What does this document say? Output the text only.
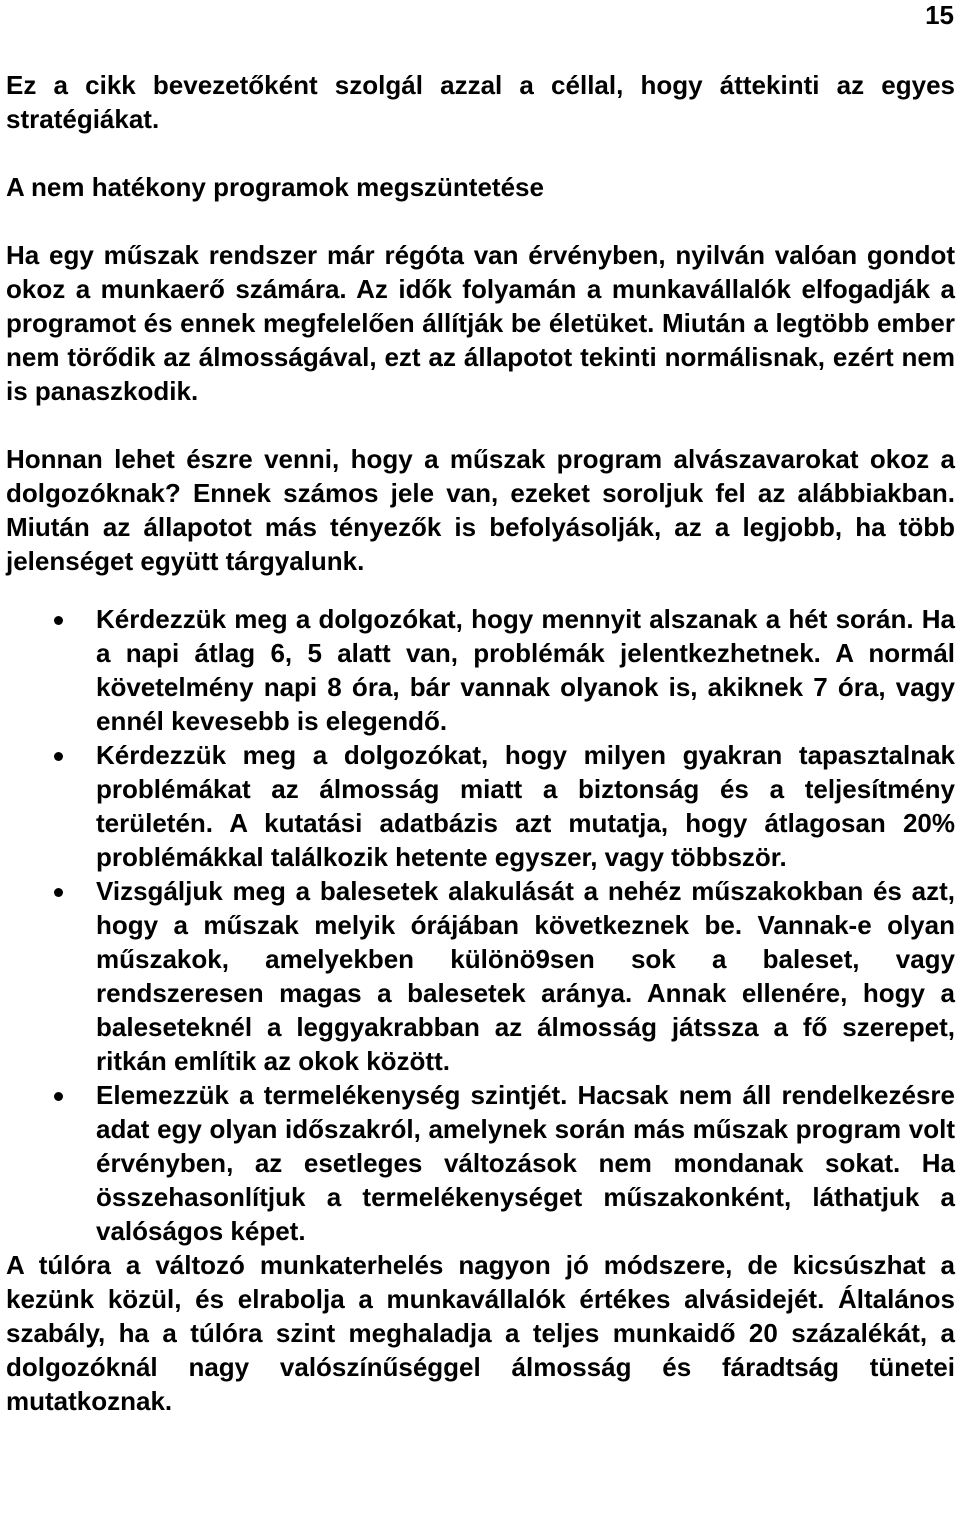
15

Ez a cikk bevezetőként szolgál azzal a céllal, hogy áttekinti az egyes stratégiákat.

A nem hatékony programok megszüntetése

Ha egy műszak rendszer már régóta van érvényben, nyilván valóan gondot okoz a munkaerő számára. Az idők folyamán a munkavállalók elfogadják a programot és ennek megfelelően állítják be életüket. Miután a legtöbb ember nem törődik az álmosságával, ezt az állapotot tekinti normálisnak, ezért nem is panaszkodik.

Honnan lehet észre venni, hogy a műszak program alvászavarokat okoz a dolgozóknak? Ennek számos jele van, ezeket soroljuk fel az alábbiakban. Miután az állapotot más tényezők is befolyásolják, az a legjobb, ha több jelenséget együtt tárgyalunk.

Kérdezzük meg a dolgozókat, hogy mennyit alszanak a hét során. Ha a napi átlag 6, 5 alatt van, problémák jelentkezhetnek. A normál követelmény napi 8 óra, bár vannak olyanok is, akiknek 7 óra, vagy ennél kevesebb is elegendő.
Kérdezzük meg a dolgozókat, hogy milyen gyakran tapasztalnak problémákat az álmosság miatt a biztonság és a teljesítmény területén. A kutatási adatbázis azt mutatja, hogy átlagosan 20% problémákkal találkozik hetente egyszer, vagy többször.
Vizsgáljuk meg a balesetek alakulását a nehéz műszakokban és azt, hogy a műszak melyik órájában következnek be. Vannak-e olyan műszakok, amelyekben különö9sen sok a baleset, vagy rendszeresen magas a balesetek aránya. Annak ellenére, hogy a baleseteknél a leggyakrabban az álmosság játssza a fő szerepet, ritkán említik az okok között.
Elemezzük a termelékenység szintjét. Hacsak nem áll rendelkezésre adat egy olyan időszakról, amelynek során más műszak program volt érvényben, az esetleges változások nem mondanak sokat. Ha összehasonlítjuk a termelékenységet műszakonként, láthatjuk a valóságos képet.

A túlóra a változó munkaterhelés nagyon jó módszere, de kicsúszhat a kezünk közül, és elrabolja a munkavállalók értékes alvásidejét. Általános szabály, ha a túlóra szint meghaladja a teljes munkaidő 20 százalékát, a dolgozóknál nagy valószínűséggel álmosság és fáradtság tünetei mutatkoznak.
